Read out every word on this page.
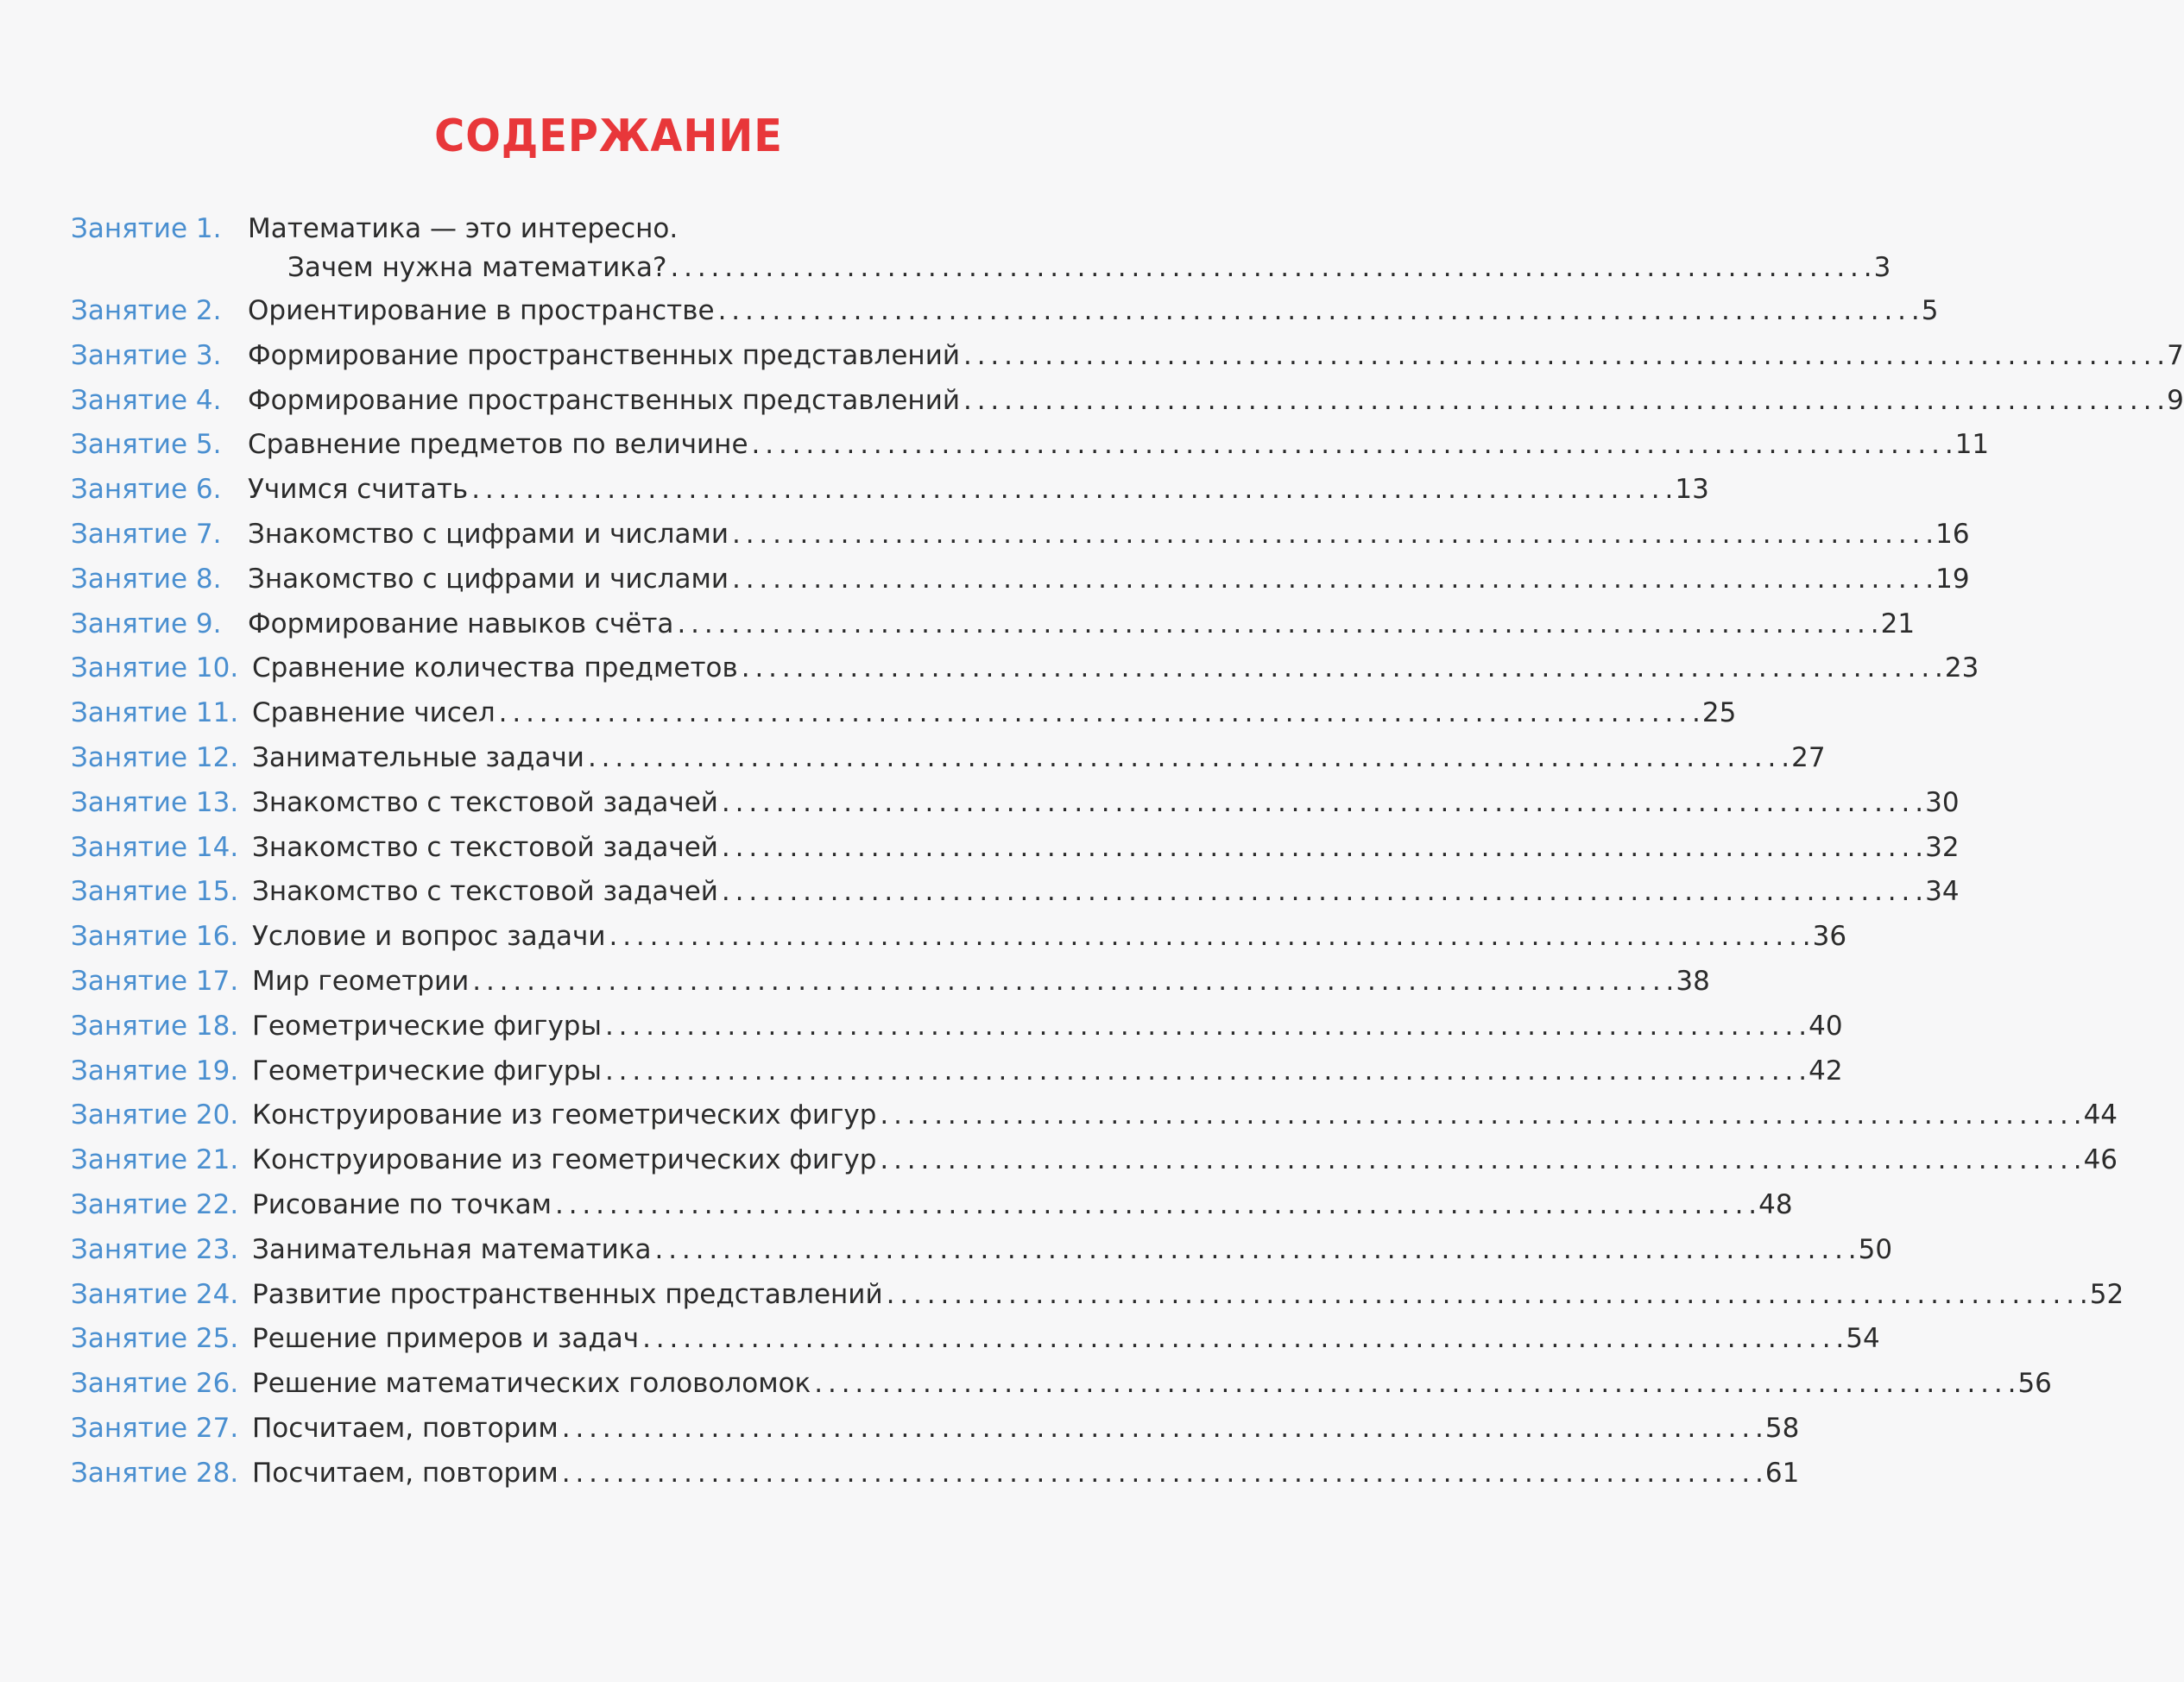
СОДЕРЖАНИЕ
Занятие 1. Математика — это интересно.
Зачем нужна математика? . . .	3
Занятие 2. Ориентирование в пространстве . . .	5
Занятие 3. Формирование пространственных представлений . . .	7
Занятие 4. Формирование пространственных представлений . . .	9
Занятие 5. Сравнение предметов по величине . . .	11
Занятие 6. Учимся считать . . .	13
Занятие 7. Знакомство с цифрами и числами . . .	16
Занятие 8. Знакомство с цифрами и числами . . .	19
Занятие 9. Формирование навыков счёта . . .	21
Занятие 10. Сравнение количества предметов . . .	23
Занятие 11. Сравнение чисел . . .	25
Занятие 12. Занимательные задачи . . .	27
Занятие 13. Знакомство с текстовой задачей . . .	30
Занятие 14. Знакомство с текстовой задачей . . .	32
Занятие 15. Знакомство с текстовой задачей . . .	34
Занятие 16. Условие и вопрос задачи . . .	36
Занятие 17. Мир геометрии . . .	38
Занятие 18. Геометрические фигуры . . .	40
Занятие 19. Геометрические фигуры . . .	42
Занятие 20. Конструирование из геометрических фигур . . .	44
Занятие 21. Конструирование из геометрических фигур . . .	46
Занятие 22. Рисование по точкам . . .	48
Занятие 23. Занимательная математика . . .	50
Занятие 24. Развитие пространственных представлений . . .	52
Занятие 25. Решение примеров и задач . . .	54
Занятие 26. Решение математических головоломок . . .	56
Занятие 27. Посчитаем, повторим . . .	58
Занятие 28. Посчитаем, повторим . . .	61
